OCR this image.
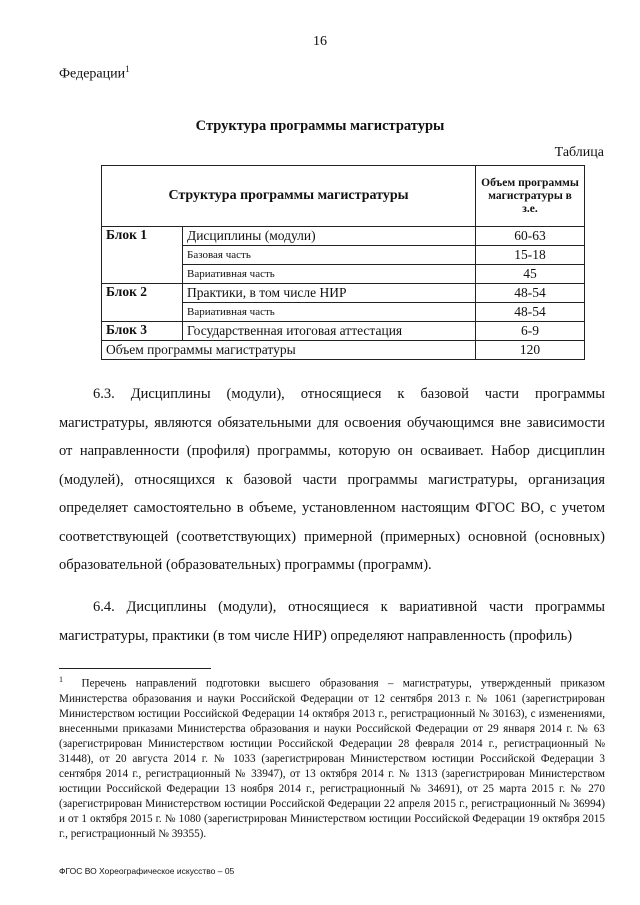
16
Федерации$^1$
Структура программы магистратуры
Таблица
Структура программы магистратуры		Объем программы магистратуры в з.е.
Блок 1	Дисциплины (модули)	60-63
	Базовая часть	15-18
	Вариативная часть	45
Блок 2	Практики, в том числе НИР	48-54
	Вариативная часть	48-54
Блок 3	Государственная итоговая аттестация	6-9
Объем программы магистратуры		120
6.3. Дисциплины (модули), относящиеся к базовой части программы магистратуры, являются обязательными для освоения обучающимся вне зависимости от направленности (профиля) программы, которую он осваивает. Набор дисциплин (модулей), относящихся к базовой части программы магистратуры, организация определяет самостоятельно в объеме, установленном настоящим ФГОС ВО, с учетом соответствующей (соответствующих) примерной (примерных) основной (основных) образовательной (образовательных) программы (программ).
6.4. Дисциплины (модули), относящиеся к вариативной части программы магистратуры, практики (в том числе НИР) определяют направленность (профиль)
$^1$ Перечень направлений подготовки высшего образования – магистратуры, утвержденный приказом Министерства образования и науки Российской Федерации от 12 сентября 2013 г. № 1061 (зарегистрирован Министерством юстиции Российской Федерации 14 октября 2013 г., регистрационный № 30163), с изменениями, внесенными приказами Министерства образования и науки Российской Федерации от 29 января 2014 г. № 63 (зарегистрирован Министерством юстиции Российской Федерации 28 февраля 2014 г., регистрационный № 31448), от 20 августа 2014 г. № 1033 (зарегистрирован Министерством юстиции Российской Федерации 3 сентября 2014 г., регистрационный № 33947), от 13 октября 2014 г. № 1313 (зарегистрирован Министерством юстиции Российской Федерации 13 ноября 2014 г., регистрационный № 34691), от 25 марта 2015 г. № 270 (зарегистрирован Министерством юстиции Российской Федерации 22 апреля 2015 г., регистрационный № 36994) и от 1 октября 2015 г. № 1080 (зарегистрирован Министерством юстиции Российской Федерации 19 октября 2015 г., регистрационный № 39355).
ФГОС ВО Хореографическое искусство – 05
